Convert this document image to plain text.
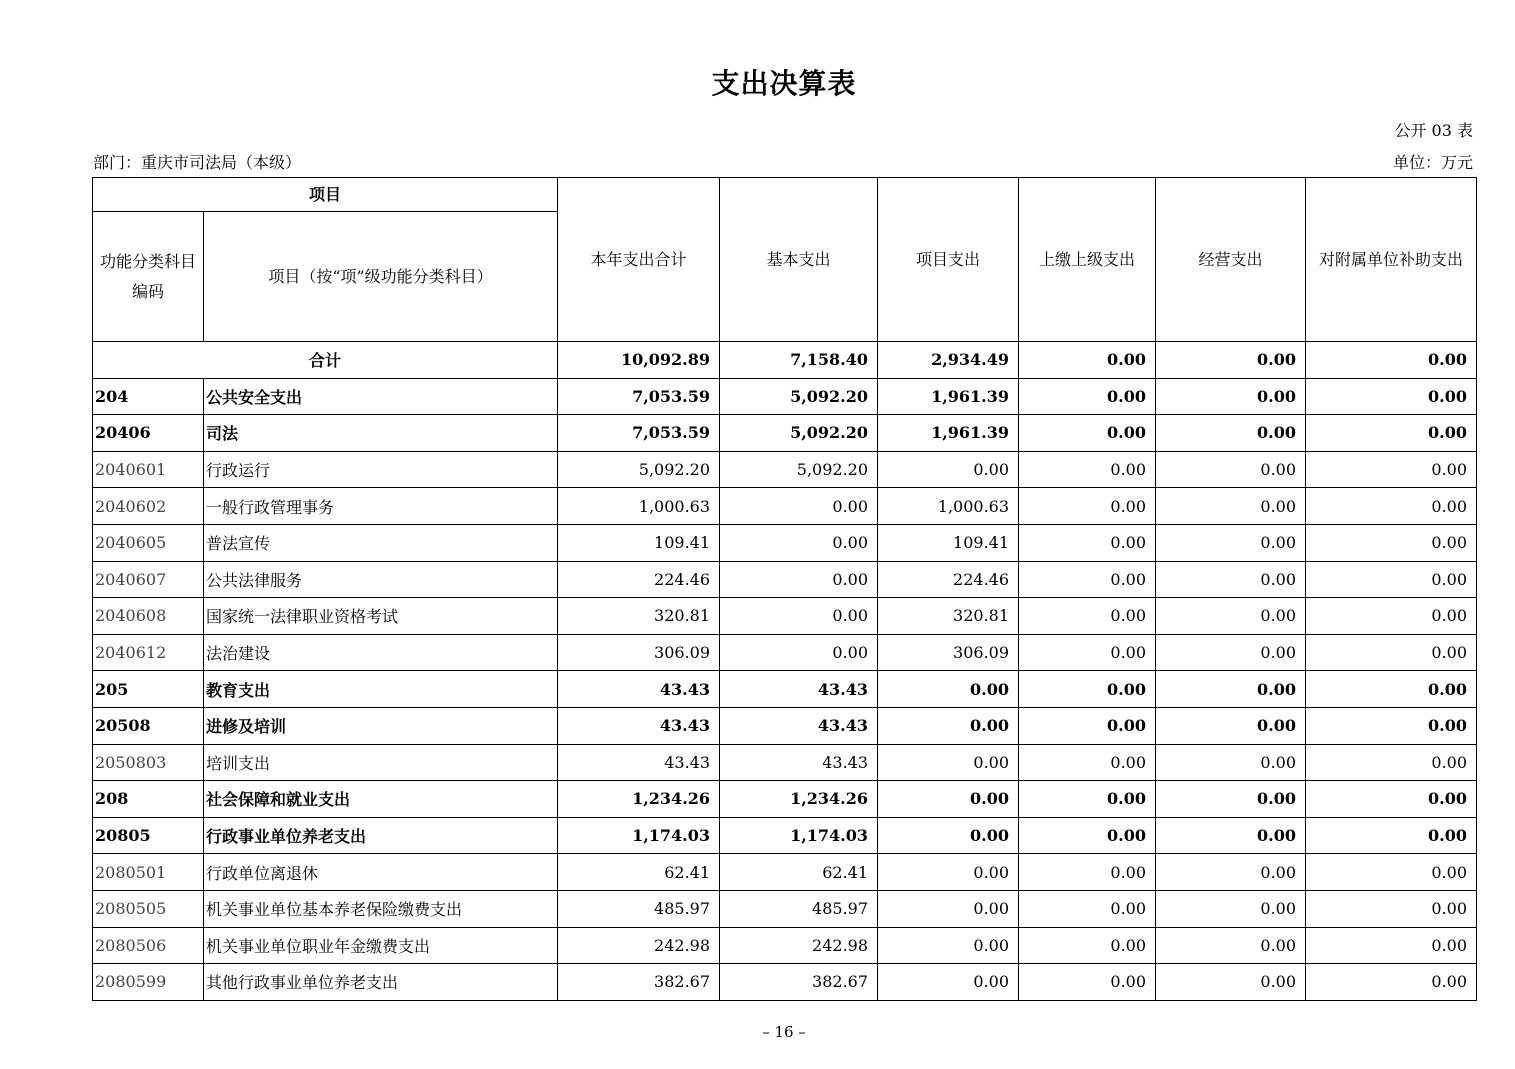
支出决算表
公开 03 表
部门：重庆市司法局（本级）	单位：万元
项目		本年支出合计	基本支出	项目支出	上缴上级支出	经营支出	对附属单位补助支出
功能分类科目编码	项目（按“项”级功能分类科目）						
合计		10,092.89	7,158.40	2,934.49	0.00	0.00	0.00
204	公共安全支出	7,053.59	5,092.20	1,961.39	0.00	0.00	0.00
20406	司法	7,053.59	5,092.20	1,961.39	0.00	0.00	0.00
2040601	行政运行	5,092.20	5,092.20	0.00	0.00	0.00	0.00
2040602	一般行政管理事务	1,000.63	0.00	1,000.63	0.00	0.00	0.00
2040605	普法宣传	109.41	0.00	109.41	0.00	0.00	0.00
2040607	公共法律服务	224.46	0.00	224.46	0.00	0.00	0.00
2040608	国家统一法律职业资格考试	320.81	0.00	320.81	0.00	0.00	0.00
2040612	法治建设	306.09	0.00	306.09	0.00	0.00	0.00
205	教育支出	43.43	43.43	0.00	0.00	0.00	0.00
20508	进修及培训	43.43	43.43	0.00	0.00	0.00	0.00
2050803	培训支出	43.43	43.43	0.00	0.00	0.00	0.00
208	社会保障和就业支出	1,234.26	1,234.26	0.00	0.00	0.00	0.00
20805	行政事业单位养老支出	1,174.03	1,174.03	0.00	0.00	0.00	0.00
2080501	行政单位离退休	62.41	62.41	0.00	0.00	0.00	0.00
2080505	机关事业单位基本养老保险缴费支出	485.97	485.97	0.00	0.00	0.00	0.00
2080506	机关事业单位职业年金缴费支出	242.98	242.98	0.00	0.00	0.00	0.00
2080599	其他行政事业单位养老支出	382.67	382.67	0.00	0.00	0.00	0.00
– 16 –
